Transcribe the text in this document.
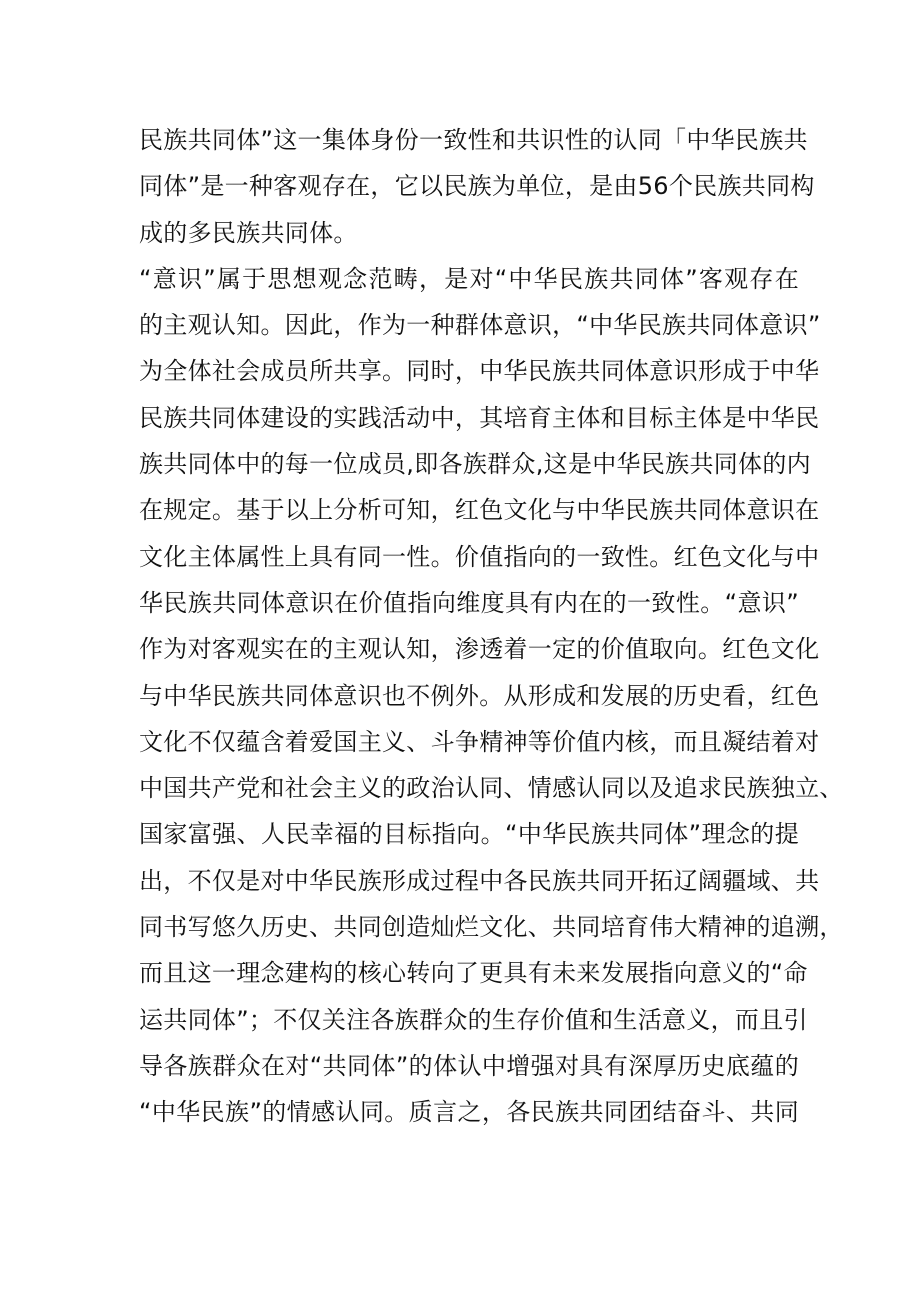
民族共同体”这一集体身份一致性和共识性的认同「中华民族共
同体”是一种客观存在，它以民族为单位，是由56个民族共同构
成的多民族共同体。
“意识”属于思想观念范畴，是对“中华民族共同体”客观存在
的主观认知。因此，作为一种群体意识，“中华民族共同体意识”
为全体社会成员所共享。同时，中华民族共同体意识形成于中华
民族共同体建设的实践活动中，其培育主体和目标主体是中华民
族共同体中的每一位成员,即各族群众,这是中华民族共同体的内
在规定。基于以上分析可知，红色文化与中华民族共同体意识在
文化主体属性上具有同一性。价值指向的一致性。红色文化与中
华民族共同体意识在价值指向维度具有内在的一致性。“意识”
作为对客观实在的主观认知，渗透着一定的价值取向。红色文化
与中华民族共同体意识也不例外。从形成和发展的历史看，红色
文化不仅蕴含着爱国主义、斗争精神等价值内核，而且凝结着对
中国共产党和社会主义的政治认同、情感认同以及追求民族独立、
国家富强、人民幸福的目标指向。“中华民族共同体”理念的提
出，不仅是对中华民族形成过程中各民族共同开拓辽阔疆域、共
同书写悠久历史、共同创造灿烂文化、共同培育伟大精神的追溯，
而且这一理念建构的核心转向了更具有未来发展指向意义的“命
运共同体”；不仅关注各族群众的生存价值和生活意义，而且引
导各族群众在对“共同体”的体认中增强对具有深厚历史底蕴的
“中华民族”的情感认同。质言之，各民族共同团结奋斗、共同
